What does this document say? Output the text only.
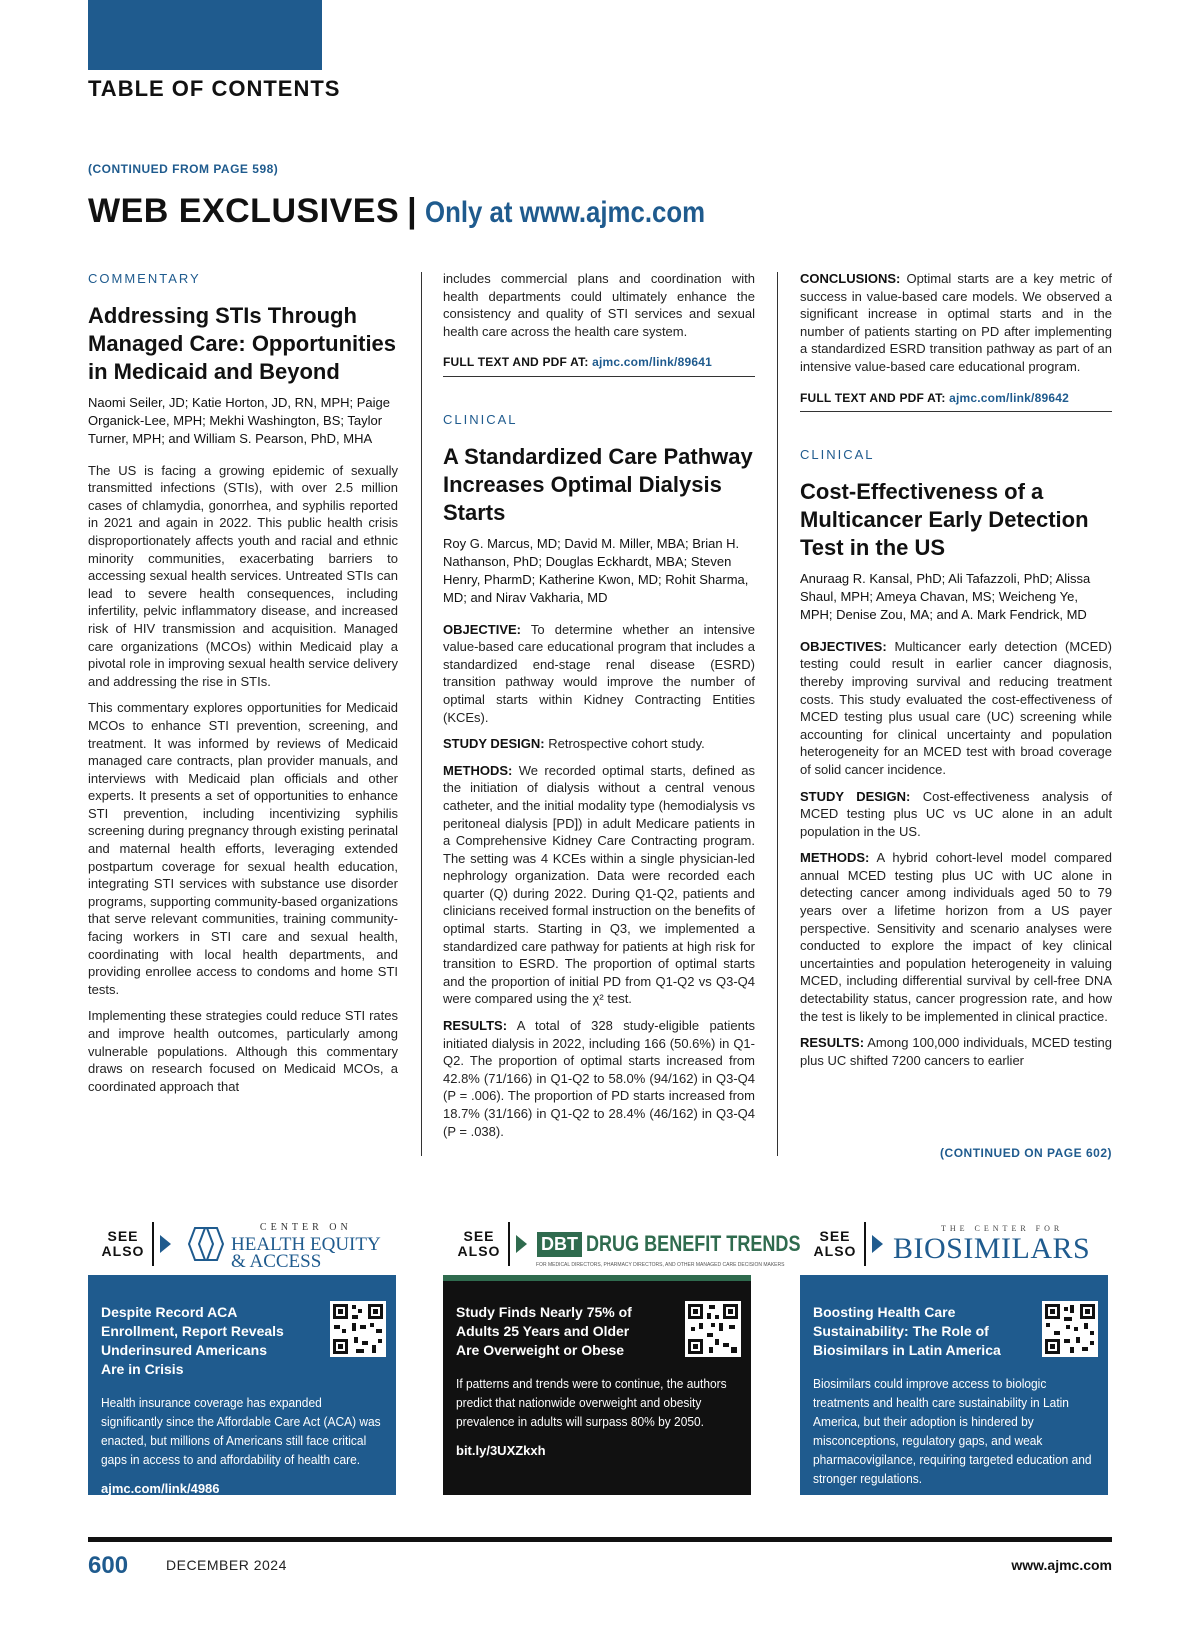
TABLE OF CONTENTS
(CONTINUED FROM PAGE 598)
WEB EXCLUSIVES | Only at www.ajmc.com
COMMENTARY
Addressing STIs Through Managed Care: Opportunities in Medicaid and Beyond
Naomi Seiler, JD; Katie Horton, JD, RN, MPH; Paige Organick-Lee, MPH; Mekhi Washington, BS; Taylor Turner, MPH; and William S. Pearson, PhD, MHA

The US is facing a growing epidemic of sexually transmitted infections (STIs), with over 2.5 million cases of chlamydia, gonorrhea, and syphilis reported in 2021 and again in 2022. This public health crisis disproportionately affects youth and racial and ethnic minority communities, exacerbating barriers to accessing sexual health services. Untreated STIs can lead to severe health consequences, including infertility, pelvic inflammatory disease, and increased risk of HIV transmission and acquisition. Managed care organizations (MCOs) within Medicaid play a pivotal role in improving sexual health service delivery and addressing the rise in STIs.

This commentary explores opportunities for Medicaid MCOs to enhance STI prevention, screening, and treatment. It was informed by reviews of Medicaid managed care contracts, plan provider manuals, and interviews with Medicaid plan officials and other experts. It presents a set of opportunities to enhance STI prevention, including incentivizing syphilis screening during pregnancy through existing perinatal and maternal health efforts, leveraging extended postpartum coverage for sexual health education, integrating STI services with substance use disorder programs, supporting community-based organizations that serve relevant communities, training community-facing workers in STI care and sexual health, coordinating with local health departments, and providing enrollee access to condoms and home STI tests.

Implementing these strategies could reduce STI rates and improve health outcomes, particularly among vulnerable populations. Although this commentary draws on research focused on Medicaid MCOs, a coordinated approach that

includes commercial plans and coordination with health departments could ultimately enhance the consistency and quality of STI services and sexual health care across the health care system.

FULL TEXT AND PDF AT: ajmc.com/link/89641
CLINICAL
A Standardized Care Pathway Increases Optimal Dialysis Starts
Roy G. Marcus, MD; David M. Miller, MBA; Brian H. Nathanson, PhD; Douglas Eckhardt, MBA; Steven Henry, PharmD; Katherine Kwon, MD; Rohit Sharma, MD; and Nirav Vakharia, MD

OBJECTIVE: To determine whether an intensive value-based care educational program that includes a standardized end-stage renal disease (ESRD) transition pathway would improve the number of optimal starts within Kidney Contracting Entities (KCEs).

STUDY DESIGN: Retrospective cohort study.

METHODS: We recorded optimal starts, defined as the initiation of dialysis without a central venous catheter, and the initial modality type (hemodialysis vs peritoneal dialysis [PD]) in adult Medicare patients in a Comprehensive Kidney Care Contracting program. The setting was 4 KCEs within a single physician-led nephrology organization. Data were recorded each quarter (Q) during 2022. During Q1-Q2, patients and clinicians received formal instruction on the benefits of optimal starts. Starting in Q3, we implemented a standardized care pathway for patients at high risk for transition to ESRD. The proportion of optimal starts and the proportion of initial PD from Q1-Q2 vs Q3-Q4 were compared using the χ² test.

RESULTS: A total of 328 study-eligible patients initiated dialysis in 2022, including 166 (50.6%) in Q1-Q2. The proportion of optimal starts increased from 42.8% (71/166) in Q1-Q2 to 58.0% (94/162) in Q3-Q4 (P = .006). The proportion of PD starts increased from 18.7% (31/166) in Q1-Q2 to 28.4% (46/162) in Q3-Q4 (P = .038).

CONCLUSIONS: Optimal starts are a key metric of success in value-based care models. We observed a significant increase in optimal starts and in the number of patients starting on PD after implementing a standardized ESRD transition pathway as part of an intensive value-based care educational program.

FULL TEXT AND PDF AT: ajmc.com/link/89642
CLINICAL
Cost-Effectiveness of a Multicancer Early Detection Test in the US
Anuraag R. Kansal, PhD; Ali Tafazzoli, PhD; Alissa Shaul, MPH; Ameya Chavan, MS; Weicheng Ye, MPH; Denise Zou, MA; and A. Mark Fendrick, MD

OBJECTIVES: Multicancer early detection (MCED) testing could result in earlier cancer diagnosis, thereby improving survival and reducing treatment costs. This study evaluated the cost-effectiveness of MCED testing plus usual care (UC) screening while accounting for clinical uncertainty and population heterogeneity for an MCED test with broad coverage of solid cancer incidence.

STUDY DESIGN: Cost-effectiveness analysis of MCED testing plus UC vs UC alone in an adult population in the US.

METHODS: A hybrid cohort-level model compared annual MCED testing plus UC with UC alone in detecting cancer among individuals aged 50 to 79 years over a lifetime horizon from a US payer perspective. Sensitivity and scenario analyses were conducted to explore the impact of key clinical uncertainties and population heterogeneity in valuing MCED, including differential survival by cell-free DNA detectability status, cancer progression rate, and how the test is likely to be implemented in clinical practice.

RESULTS: Among 100,000 individuals, MCED testing plus UC shifted 7200 cancers to earlier

(CONTINUED ON PAGE 602)
SEE
ALSO
CENTER ON
HEALTH EQUITY
& ACCESS
SEE
ALSO DBT DRUG BENEFIT TRENDS
FOR MEDICAL DIRECTORS, PHARMACY DIRECTORS, AND OTHER MANAGED CARE DECISION MAKERS
SEE
ALSO
THE CENTER FOR
BIOSIMILARS
Despite Record ACA Enrollment, Report Reveals Underinsured Americans Are in Crisis
Health insurance coverage has expanded significantly since the Affordable Care Act (ACA) was enacted, but millions of Americans still face critical gaps in access to and affordability of health care.
ajmc.com/link/4986
Study Finds Nearly 75% of Adults 25 Years and Older Are Overweight or Obese
If patterns and trends were to continue, the authors predict that nationwide overweight and obesity prevalence in adults will surpass 80% by 2050.
bit.ly/3UXZkxh
Boosting Health Care Sustainability: The Role of Biosimilars in Latin America
Biosimilars could improve access to biologic treatments and health care sustainability in Latin America, but their adoption is hindered by misconceptions, regulatory gaps, and weak pharmacovigilance, requiring targeted education and stronger regulations.
centerforbiosimilars.com/link/162
600	DECEMBER 2024	www.ajmc.com
